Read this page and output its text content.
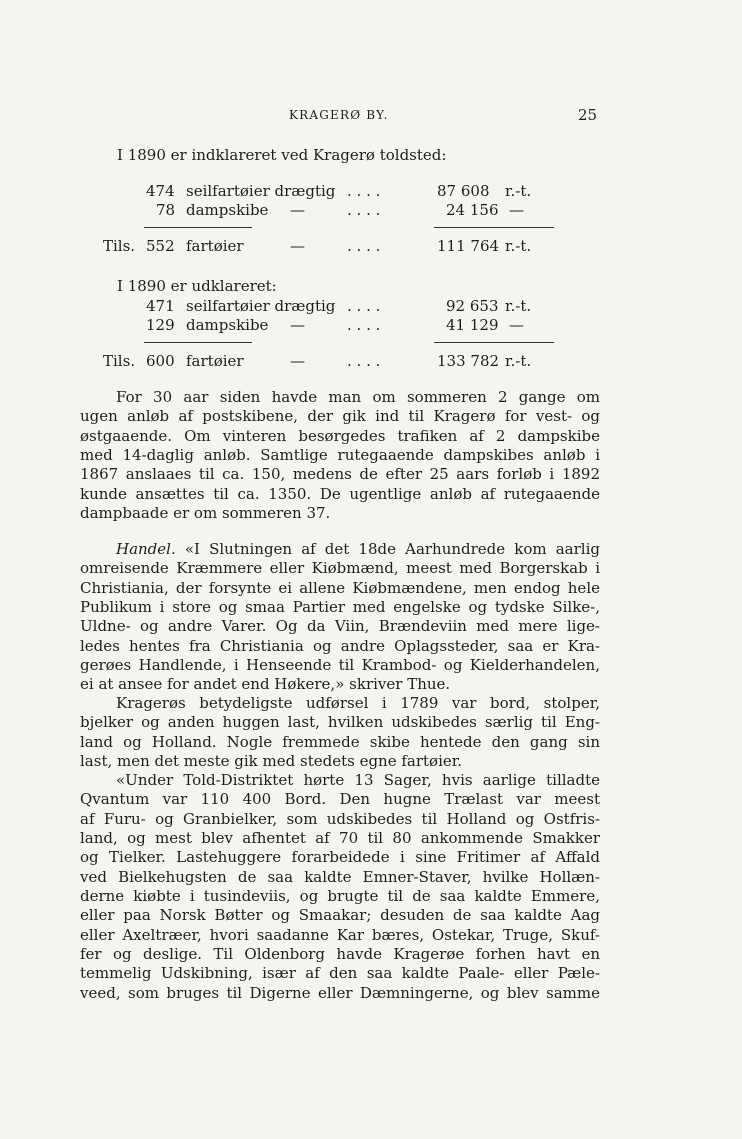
KRAGERØ BY.	25
I 1890 er indklareret ved Kragerø toldsted:
474 seilfartøier drægtig . . . .	87 608 r.-t.
78 dampskibe —	. . . .	24 156 —
Tils. 552 fartøier	—	. . . .	111 764 r.-t.
I 1890 er udklareret:
471 seilfartøier drægtig . . . .	92 653 r.-t.
129 dampskibe —	. . . .	41 129 —
Tils. 600 fartøier	—	. . . .	133 782 r.-t.
For 30 aar siden havde man om sommeren 2 gange om
ugen anløb af postskibene, der gik ind til Kragerø for vest- og
østgaaende. Om vinteren besørgedes trafiken af 2 dampskibe
med 14-daglig anløb. Samtlige rutegaaende dampskibes anløb i
1867 anslaaes til ca. 150, medens de efter 25 aars forløb i 1892
kunde ansættes til ca. 1350. De ugentlige anløb af rutegaaende
dampbaade er om sommeren 37.
Handel. «I Slutningen af det 18de Aarhundrede kom aarlig
omreisende Kræmmere eller Kiøbmænd, meest med Borgerskab i
Christiania, der forsynte ei allene Kiøbmændene, men endog hele
Publikum i store og smaa Partier med engelske og tydske Silke-,
Uldne- og andre Varer. Og da Viin, Brændeviin med mere lige-
ledes hentes fra Christiania og andre Oplagssteder, saa er Kra-
gerøes Handlende, i Henseende til Krambod- og Kielderhandelen,
ei at ansee for andet end Høkere,» skriver Thue.
Kragerøs betydeligste udførsel i 1789 var bord, stolper,
bjelker og anden huggen last, hvilken udskibedes særlig til Eng-
land og Holland. Nogle fremmede skibe hentede den gang sin
last, men det meste gik med stedets egne fartøier.
«Under Told-Distriktet hørte 13 Sager, hvis aarlige tilladte
Qvantum var 110 400 Bord. Den hugne Trælast var meest
af Furu- og Granbielker, som udskibedes til Holland og Ostfris-
land, og mest blev afhentet af 70 til 80 ankommende Smakker
og Tielker. Lastehuggere forarbeidede i sine Fritimer af Affald
ved Bielkehugsten de saa kaldte Emner-Staver, hvilke Hollæn-
derne kiøbte i tusindeviis, og brugte til de saa kaldte Emmere,
eller paa Norsk Bøtter og Smaakar; desuden de saa kaldte Aag
eller Axeltræer, hvori saadanne Kar bæres, Ostekar, Truge, Skuf-
fer og deslige. Til Oldenborg havde Kragerøe forhen havt en
temmelig Udskibning, især af den saa kaldte Paale- eller Pæle-
veed, som bruges til Digerne eller Dæmningerne, og blev samme
